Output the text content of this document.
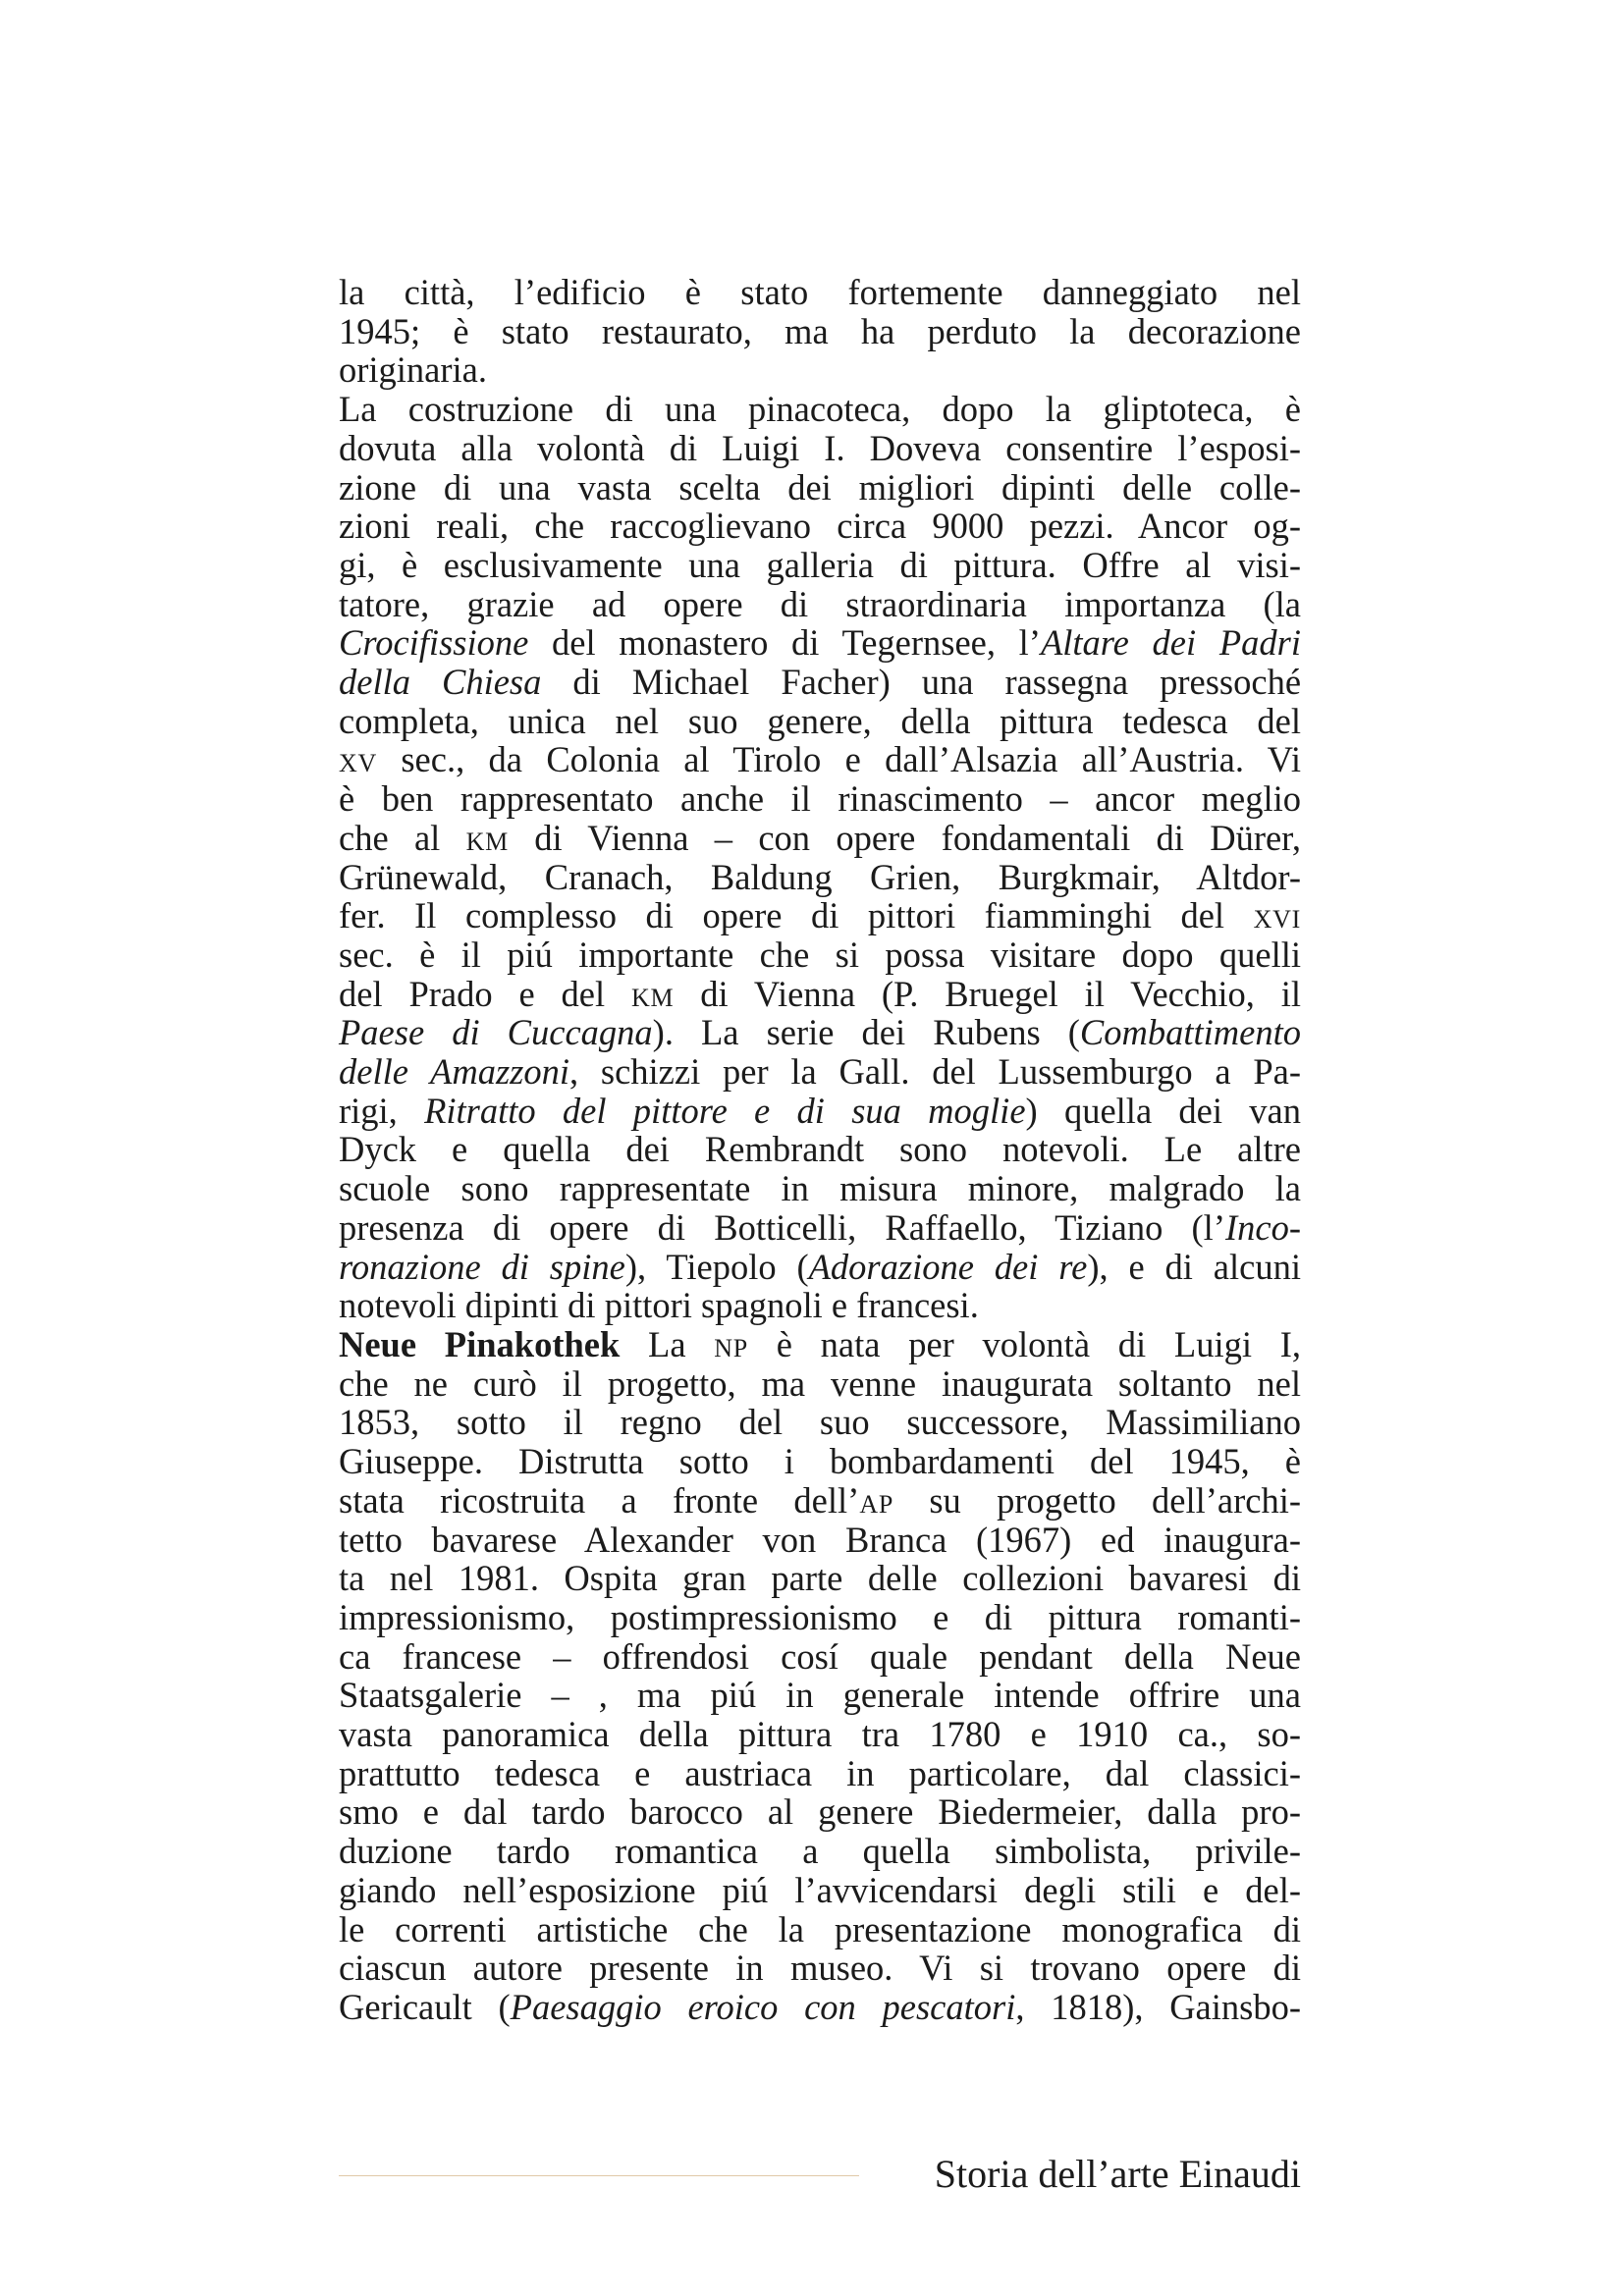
la città, l’edificio è stato fortemente danneggiato nel
1945; è stato restaurato, ma ha perduto la decorazione
originaria.
La costruzione di una pinacoteca, dopo la gliptoteca, è
dovuta alla volontà di Luigi I. Doveva consentire l’esposi-
zione di una vasta scelta dei migliori dipinti delle colle-
zioni reali, che raccoglievano circa 9000 pezzi. Ancor og-
gi, è esclusivamente una galleria di pittura. Offre al visi-
tatore, grazie ad opere di straordinaria importanza (la
Crocifissione del monastero di Tegernsee, l’Altare dei Padri
della Chiesa di Michael Facher) una rassegna pressoché
completa, unica nel suo genere, della pittura tedesca del
xv sec., da Colonia al Tirolo e dall’Alsazia all’Austria. Vi
è ben rappresentato anche il rinascimento – ancor meglio
che al km di Vienna – con opere fondamentali di Dürer,
Grünewald, Cranach, Baldung Grien, Burgkmair, Altdor-
fer. Il complesso di opere di pittori fiamminghi del xvi
sec. è il piú importante che si possa visitare dopo quelli
del Prado e del km di Vienna (P. Bruegel il Vecchio, il
Paese di Cuccagna). La serie dei Rubens (Combattimento
delle Amazzoni, schizzi per la Gall. del Lussemburgo a Pa-
rigi, Ritratto del pittore e di sua moglie) quella dei van
Dyck e quella dei Rembrandt sono notevoli. Le altre
scuole sono rappresentate in misura minore, malgrado la
presenza di opere di Botticelli, Raffaello, Tiziano (l’Inco-
ronazione di spine), Tiepolo (Adorazione dei re), e di alcuni
notevoli dipinti di pittori spagnoli e francesi.
Neue Pinakothek La np è nata per volontà di Luigi I,
che ne curò il progetto, ma venne inaugurata soltanto nel
1853, sotto il regno del suo successore, Massimiliano
Giuseppe. Distrutta sotto i bombardamenti del 1945, è
stata ricostruita a fronte dell’ap su progetto dell’archi-
tetto bavarese Alexander von Branca (1967) ed inaugura-
ta nel 1981. Ospita gran parte delle collezioni bavaresi di
impressionismo, postimpressionismo e di pittura romanti-
ca francese – offrendosi cosí quale pendant della Neue
Staatsgalerie – , ma piú in generale intende offrire una
vasta panoramica della pittura tra 1780 e 1910 ca., so-
prattutto tedesca e austriaca in particolare, dal classici-
smo e dal tardo barocco al genere Biedermeier, dalla pro-
duzione tardo romantica a quella simbolista, privile-
giando nell’esposizione piú l’avvicendarsi degli stili e del-
le correnti artistiche che la presentazione monografica di
ciascun autore presente in museo. Vi si trovano opere di
Gericault (Paesaggio eroico con pescatori, 1818), Gainsbo-
Storia dell’arte Einaudi
